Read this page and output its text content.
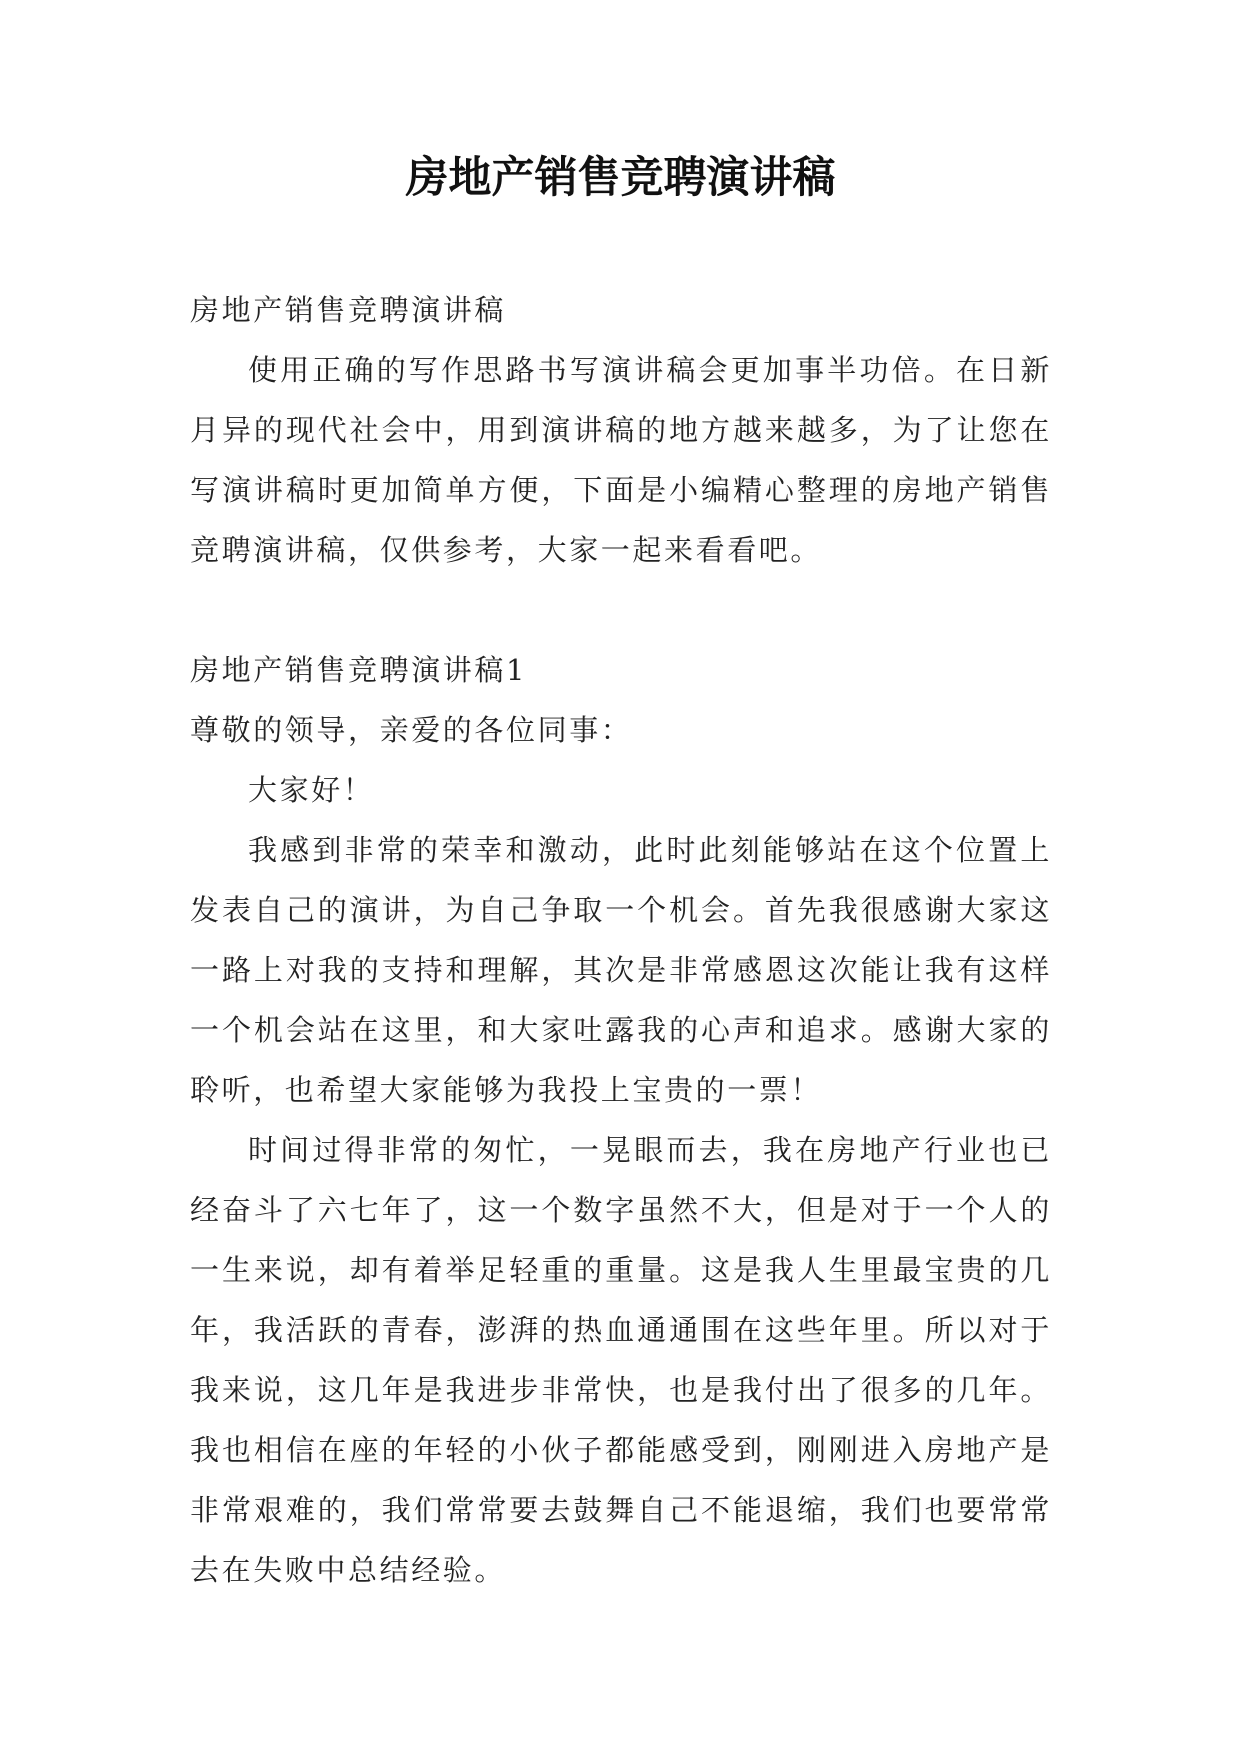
房地产销售竞聘演讲稿

房地产销售竞聘演讲稿

使用正确的写作思路书写演讲稿会更加事半功倍。在日新月异的现代社会中，用到演讲稿的地方越来越多，为了让您在写演讲稿时更加简单方便，下面是小编精心整理的房地产销售竞聘演讲稿，仅供参考，大家一起来看看吧。

房地产销售竞聘演讲稿1

尊敬的领导，亲爱的各位同事：

大家好！

我感到非常的荣幸和激动，此时此刻能够站在这个位置上发表自己的演讲，为自己争取一个机会。首先我很感谢大家这一路上对我的支持和理解，其次是非常感恩这次能让我有这样一个机会站在这里，和大家吐露我的心声和追求。感谢大家的聆听，也希望大家能够为我投上宝贵的一票！

时间过得非常的匆忙，一晃眼而去，我在房地产行业也已经奋斗了六七年了，这一个数字虽然不大，但是对于一个人的一生来说，却有着举足轻重的重量。这是我人生里最宝贵的几年，我活跃的青春，澎湃的热血通通围在这些年里。所以对于我来说，这几年是我进步非常快，也是我付出了很多的几年。我也相信在座的年轻的小伙子都能感受到，刚刚进入房地产是非常艰难的，我们常常要去鼓舞自己不能退缩，我们也要常常去在失败中总结经验。
